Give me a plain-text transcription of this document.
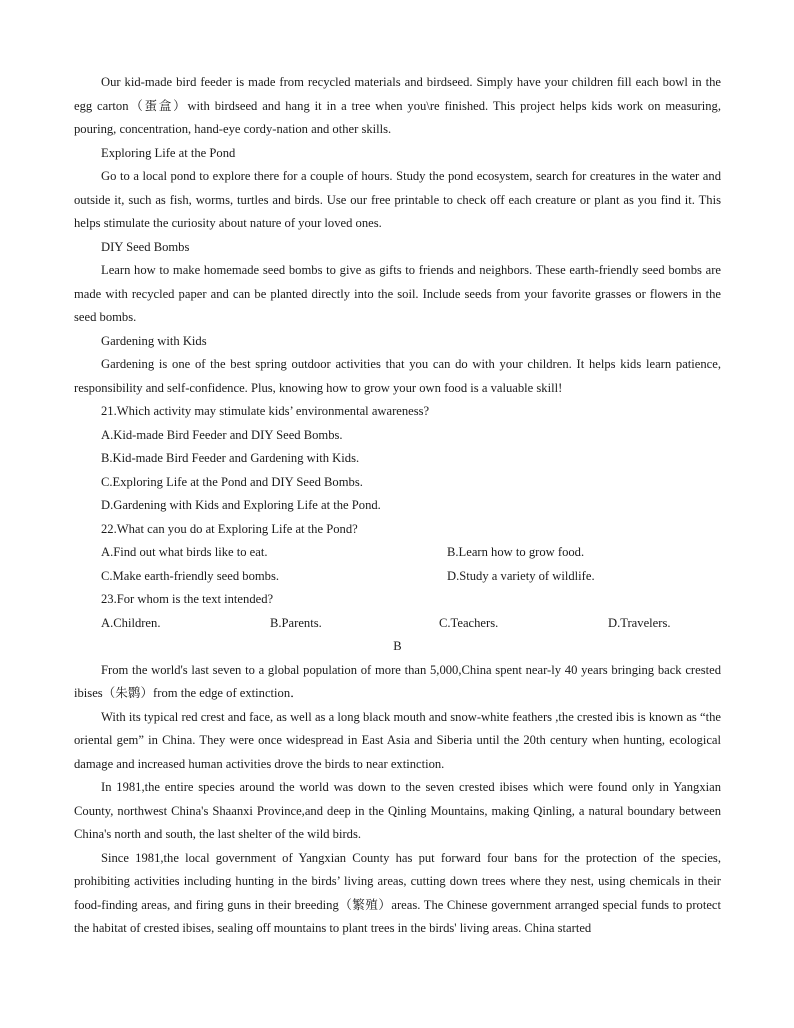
Our kid-made bird feeder is made from recycled materials and birdseed. Simply have your children fill each bowl in the egg carton（蛋盒）with birdseed and hang it in a tree when you\re finished. This project helps kids work on measuring, pouring, concentration, hand-eye cordy-nation and other skills.

Exploring Life at the Pond

Go to a local pond to explore there for a couple of hours. Study the pond ecosystem, search for creatures in the water and outside it, such as fish, worms, turtles and birds. Use our free printable to check off each creature or plant as you find it. This helps stimulate the curiosity about nature of your loved ones.

DIY Seed Bombs

Learn how to make homemade seed bombs to give as gifts to friends and neighbors. These earth-friendly seed bombs are made with recycled paper and can be planted directly into the soil. Include seeds from your favorite grasses or flowers in the seed bombs.

Gardening with Kids

Gardening is one of the best spring outdoor activities that you can do with your children. It helps kids learn patience, responsibility and self-confidence. Plus, knowing how to grow your own food is a valuable skill!

21.Which activity may stimulate kids’ environmental awareness?

A.Kid-made Bird Feeder and DIY Seed Bombs.

B.Kid-made Bird Feeder and Gardening with Kids.

C.Exploring Life at the Pond and DIY Seed Bombs.

D.Gardening with Kids and Exploring Life at the Pond.

22.What can you do at Exploring Life at the Pond?

A.Find out what birds like to eat.	B.Learn how to grow food.
C.Make earth-friendly seed bombs.	D.Study a variety of wildlife.

23.For whom is the text intended?

A.Children.	B.Parents.	C.Teachers.	D.Travelers.

B

From the world's last seven to a global population of more than 5,000,China spent near-ly 40 years bringing back crested ibises（朱鹮）from the edge of extinction．

With its typical red crest and face, as well as a long black mouth and snow-white feathers ,the crested ibis is known as “the oriental gem” in China. They were once widespread in East Asia and Siberia until the 20th century when hunting, ecological damage and increased human activities drove the birds to near extinction.

In 1981,the entire species around the world was down to the seven crested ibises which were found only in Yangxian County, northwest China's Shaanxi Province,and deep in the Qinling Mountains, making Qinling, a natural boundary between China's north and south, the last shelter of the wild birds.

Since 1981,the local government of Yangxian County has put forward four bans for the protection of the species, prohibiting activities including hunting in the birds’ living areas, cutting down trees where they nest, using chemicals in their food-finding areas, and firing guns in their breeding（繁殖）areas. The Chinese government arranged special funds to protect the habitat of crested ibises, sealing off mountains to plant trees in the birds' living areas. China started
